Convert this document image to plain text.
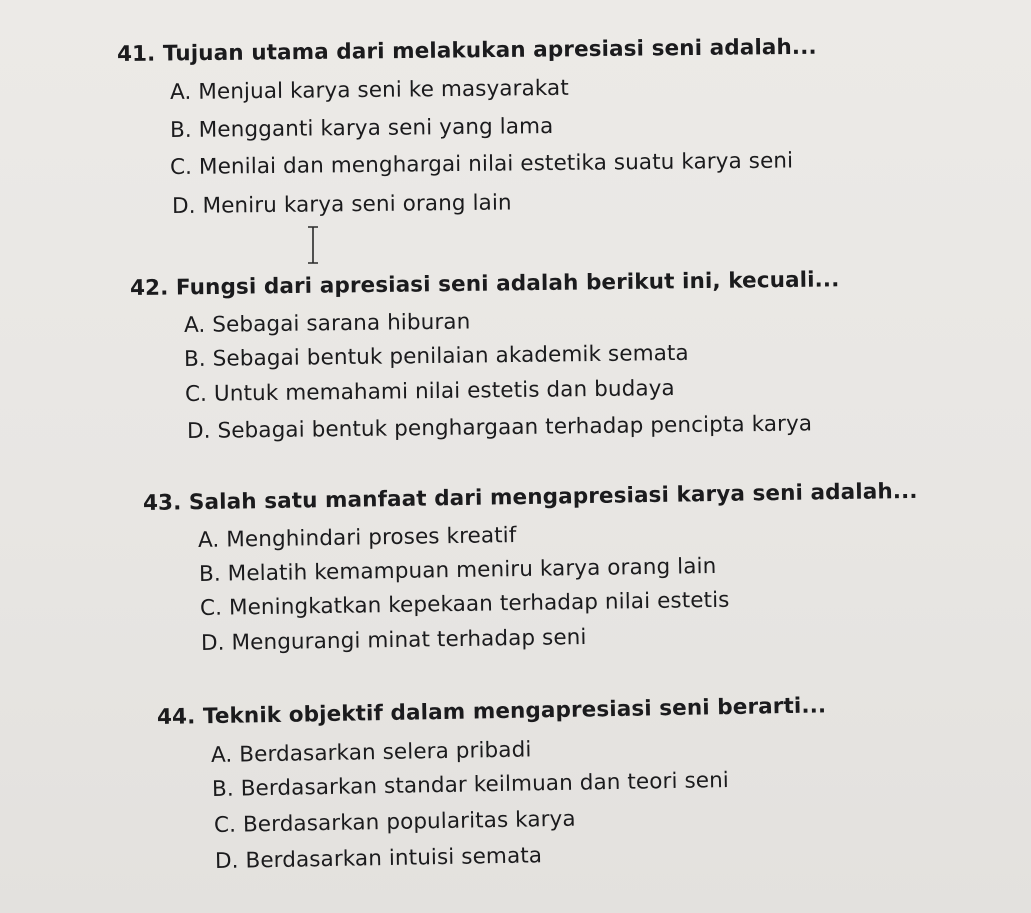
41. Tujuan utama dari melakukan apresiasi seni adalah...
A. Menjual karya seni ke masyarakat
B. Mengganti karya seni yang lama
C. Menilai dan menghargai nilai estetika suatu karya seni
D. Meniru karya seni orang lain
42. Fungsi dari apresiasi seni adalah berikut ini, kecuali...
A. Sebagai sarana hiburan
B. Sebagai bentuk penilaian akademik semata
C. Untuk memahami nilai estetis dan budaya
D. Sebagai bentuk penghargaan terhadap pencipta karya
43. Salah satu manfaat dari mengapresiasi karya seni adalah...
A. Menghindari proses kreatif
B. Melatih kemampuan meniru karya orang lain
C. Meningkatkan kepekaan terhadap nilai estetis
D. Mengurangi minat terhadap seni
44. Teknik objektif dalam mengapresiasi seni berarti...
A. Berdasarkan selera pribadi
B. Berdasarkan standar keilmuan dan teori seni
C. Berdasarkan popularitas karya
D. Berdasarkan intuisi semata
